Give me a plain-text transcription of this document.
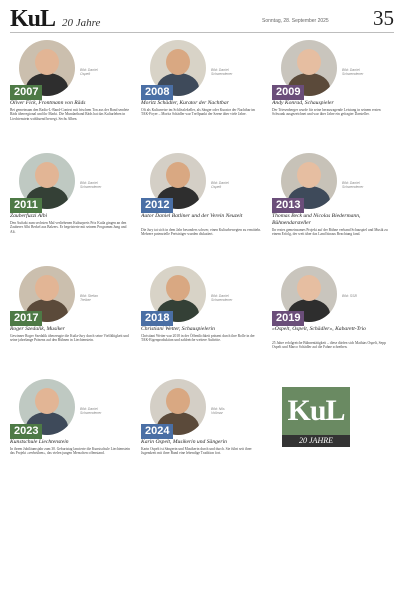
KuL 20 Jahre	Sonntag, 28. September 2025 35
2007
Bild: Daniel
Ospelt
Oliver Fick, Frontmann von Räds
Bei gemeinsam den Radio-L-Band-Contest mit frischem Ton aus der Band sendete Räds überregional und ihr Markt. Die Mundartband Räds hat das Kulturleben in Liechtenstein wohltuend bewegt. Sechs Alben.
2008
Bild: Daniel
Schwendener
Moritz Schädler, Kurator der Nachtbar
Oft als Kulturreise im Schlösslekeller, als Sänger oder Kurator der Nachtbar im TAK-Foyer – Moritz Schädler war Treffpunkt der Szene über viele Jahre.
2009
Bild: Daniel
Schwendener
Andy Konrad, Schauspieler
Der Triesenberger wurde für seine herausragende Leistung in seinem ersten Schwank ausgezeichnet und war über Jahre ein gefragter Darsteller.
2011
Bild: Daniel
Schwendener
Zauberfuzzi Albi
Den Auftakt zum sechsten Mal verliehenen Kulturpreis Prix Kuila gingen an den Zauberer Albi Berkel aus Balzers. Er begeisterte mit seinem Programm Jung und Alt.
2012
Bild: Daniel
Ospelt
Autor Daniel Batliner und der Verein Neuzeit
Die Jury tat sich in dem Jahr besonders schwer, einen Kulturbewegten zu ermitteln. Mehrere potenzielle Preisträger wurden diskutiert.
2013
Bild: Daniel
Schwendener
Thomas Beck und Nicolas Biedermann, Bühnendarsteller
Ihr erstes gemeinsames Projekt auf der Bühne verband Schauspiel und Musik zu einem Erfolg, der weit über das Land hinaus Beachtung fand.
2017
Bild: Stefan
Treiber
Roger Szedalik, Musiker
Gewinner Roger Szedalik überzeugte die Kuila-Jury durch seine Vielfältigkeit und seine jahrelange Präsenz auf den Bühnen in Liechtenstein.
2018
Bild: Daniel
Schwendener
Christiani Wetter, Schauspielerin
Christiani Wetter war 2018 in der Öffentlichkeit präsent durch ihre Rolle in der TAK-Eigenproduktion und zahlreiche weitere Auftritte.
2019
Bild: SSB
«Ospelt, Ospelt, Schädler», Kabarett-Trio
25 Jahre erfolgreiche Bühnentätigkeit – diese dürfen sich Mathias Ospelt, Sepp Ospelt und Marco Schädler auf die Fahne schreiben.
2023
Bild: Daniel
Schwendener
Kunstschule Liechtenstein
In ihrem Jubiläumsjahr zum 30. Geburtstag lancierte die Kunstschule Liechtenstein das Projekt «verbrühen», das vielen jungen Menschen offenstand.
2024
Bild: Nils
Vollmar
Karin Ospelt, Musikerin und Sängerin
Karin Ospelt ist Sängerin und Musikerin durch und durch. Sie führt seit ihrer Jugendzeit mit ihrer Band eine lebendige Tradition fort.
KuL
20 JAHRE
